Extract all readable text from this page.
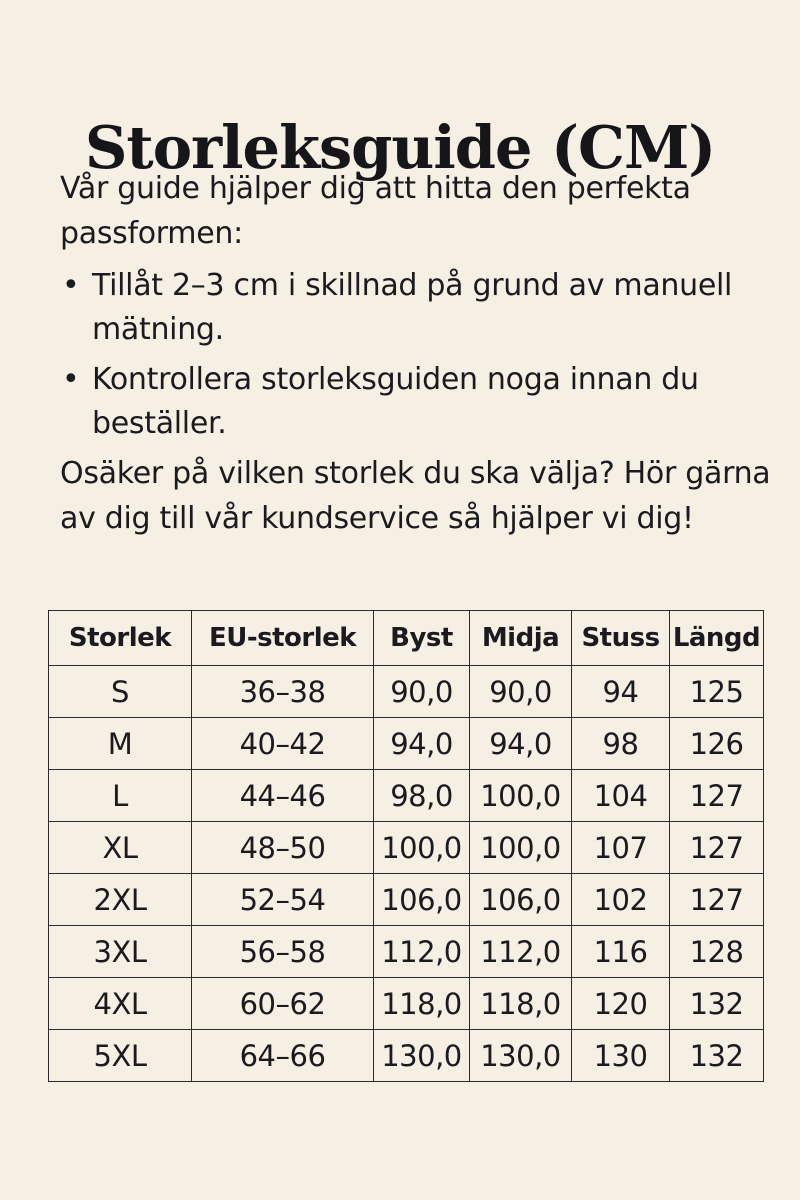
Storleksguide (CM)

Vår guide hjälper dig att hitta den perfekta passformen:

• Tillåt 2–3 cm i skillnad på grund av manuell mätning.
• Kontrollera storleksguiden noga innan du beställer.

Osäker på vilken storlek du ska välja? Hör gärna av dig till vår kundservice så hjälper vi dig!

Storlek	EU-storlek	Byst	Midja	Stuss	Längd
S	36–38	90,0	90,0	94	125
M	40–42	94,0	94,0	98	126
L	44–46	98,0	100,0	104	127
XL	48–50	100,0	100,0	107	127
2XL	52–54	106,0	106,0	102	127
3XL	56–58	112,0	112,0	116	128
4XL	60–62	118,0	118,0	120	132
5XL	64–66	130,0	130,0	130	132
